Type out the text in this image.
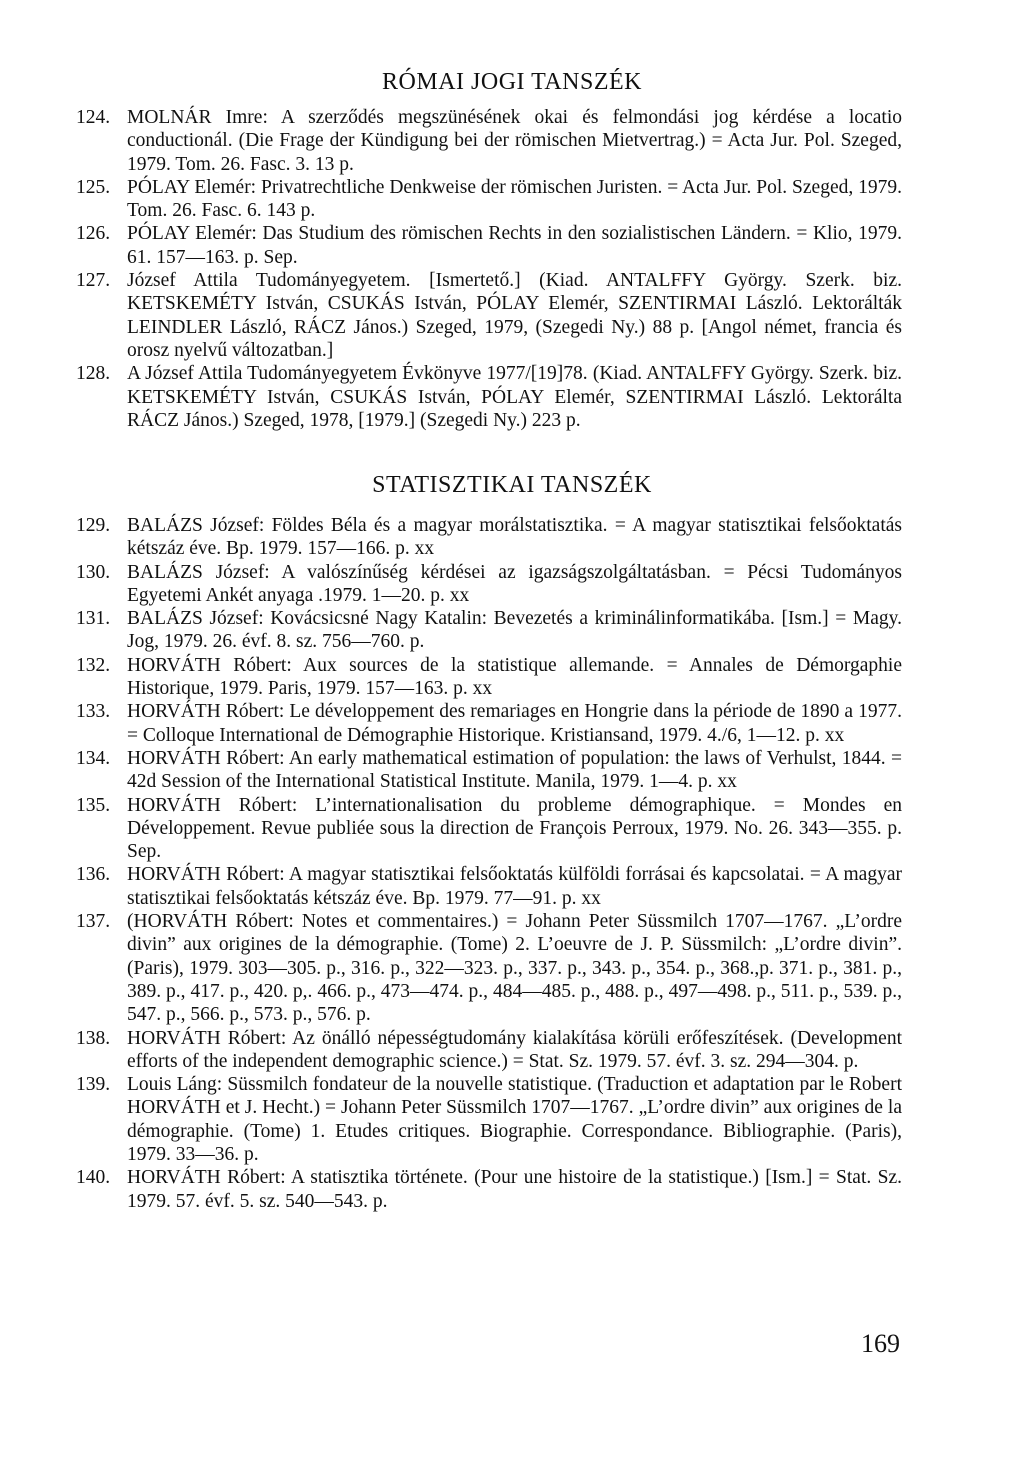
RÓMAI JOGI TANSZÉK
124. MOLNÁR Imre: A szerződés megszünésének okai és felmondási jog kérdése a locatio conductionál. (Die Frage der Kündigung bei der römischen Mietvertrag.) = Acta Jur. Pol. Szeged, 1979. Tom. 26. Fasc. 3. 13 p.
125. PÓLAY Elemér: Privatrechtliche Denkweise der römischen Juristen. = Acta Jur. Pol. Szeged, 1979. Tom. 26. Fasc. 6. 143 p.
126. PÓLAY Elemér: Das Studium des römischen Rechts in den sozialistischen Ländern. = Klio, 1979. 61. 157—163. p. Sep.
127. József Attila Tudományegyetem. [Ismertető.] (Kiad. ANTALFFY György. Szerk. biz. KETSKEMÉTY István, CSUKÁS István, PÓLAY Elemér, SZENTIRMAI László. Lektorálták LEINDLER László, RÁCZ János.) Szeged, 1979, (Szegedi Ny.) 88 p. [Angol német, francia és orosz nyelvű változatban.]
128. A József Attila Tudományegyetem Évkönyve 1977/[19]78. (Kiad. ANTALFFY György. Szerk. biz. KETSKEMÉTY István, CSUKÁS István, PÓLAY Elemér, SZENTIRMAI László. Lektorálta RÁCZ János.) Szeged, 1978, [1979.] (Szegedi Ny.) 223 p.
STATISZTIKAI TANSZÉK
129. BALÁZS József: Földes Béla és a magyar morálstatisztika. = A magyar statisztikai felsőoktatás kétszáz éve. Bp. 1979. 157—166. p. xx
130. BALÁZS József: A valószínűség kérdései az igazságszolgáltatásban. = Pécsi Tudományos Egyetemi Ankét anyaga .1979. 1—20. p. xx
131. BALÁZS József: Kovácsicsné Nagy Katalin: Bevezetés a kriminálinformatikába. [Ism.] = Magy. Jog, 1979. 26. évf. 8. sz. 756—760. p.
132. HORVÁTH Róbert: Aux sources de la statistique allemande. = Annales de Démorgaphie Historique, 1979. Paris, 1979. 157—163. p. xx
133. HORVÁTH Róbert: Le développement des remariages en Hongrie dans la période de 1890 a 1977. = Colloque International de Démographie Historique. Kristiansand, 1979. 4./6, 1—12. p. xx
134. HORVÁTH Róbert: An early mathematical estimation of population: the laws of Verhulst, 1844. = 42d Session of the International Statistical Institute. Manila, 1979. 1—4. p. xx
135. HORVÁTH Róbert: L’internationalisation du probleme démographique. = Mondes en Développement. Revue publiée sous la direction de François Perroux, 1979. No. 26. 343—355. p. Sep.
136. HORVÁTH Róbert: A magyar statisztikai felsőoktatás külföldi forrásai és kapcsolatai. = A magyar statisztikai felsőoktatás kétszáz éve. Bp. 1979. 77—91. p. xx
137. (HORVÁTH Róbert: Notes et commentaires.) = Johann Peter Süssmilch 1707—1767. „L’ordre divin” aux origines de la démographie. (Tome) 2. L’oeuvre de J. P. Süssmilch: „L’ordre divin”. (Paris), 1979. 303—305. p., 316. p., 322—323. p., 337. p., 343. p., 354. p., 368.,p. 371. p., 381. p., 389. p., 417. p., 420. p,. 466. p., 473—474. p., 484—485. p., 488. p., 497—498. p., 511. p., 539. p., 547. p., 566. p., 573. p., 576. p.
138. HORVÁTH Róbert: Az önálló népességtudomány kialakítása körüli erőfeszítések. (Development efforts of the independent demographic science.) = Stat. Sz. 1979. 57. évf. 3. sz. 294—304. p.
139. Louis Láng: Süssmilch fondateur de la nouvelle statistique. (Traduction et adaptation par le Robert HORVÁTH et J. Hecht.) = Johann Peter Süssmilch 1707—1767. „L’ordre divin” aux origines de la démographie. (Tome) 1. Etudes critiques. Biographie. Correspondance. Bibliographie. (Paris), 1979. 33—36. p.
140. HORVÁTH Róbert: A statisztika története. (Pour une histoire de la statistique.) [Ism.] = Stat. Sz. 1979. 57. évf. 5. sz. 540—543. p.
169
